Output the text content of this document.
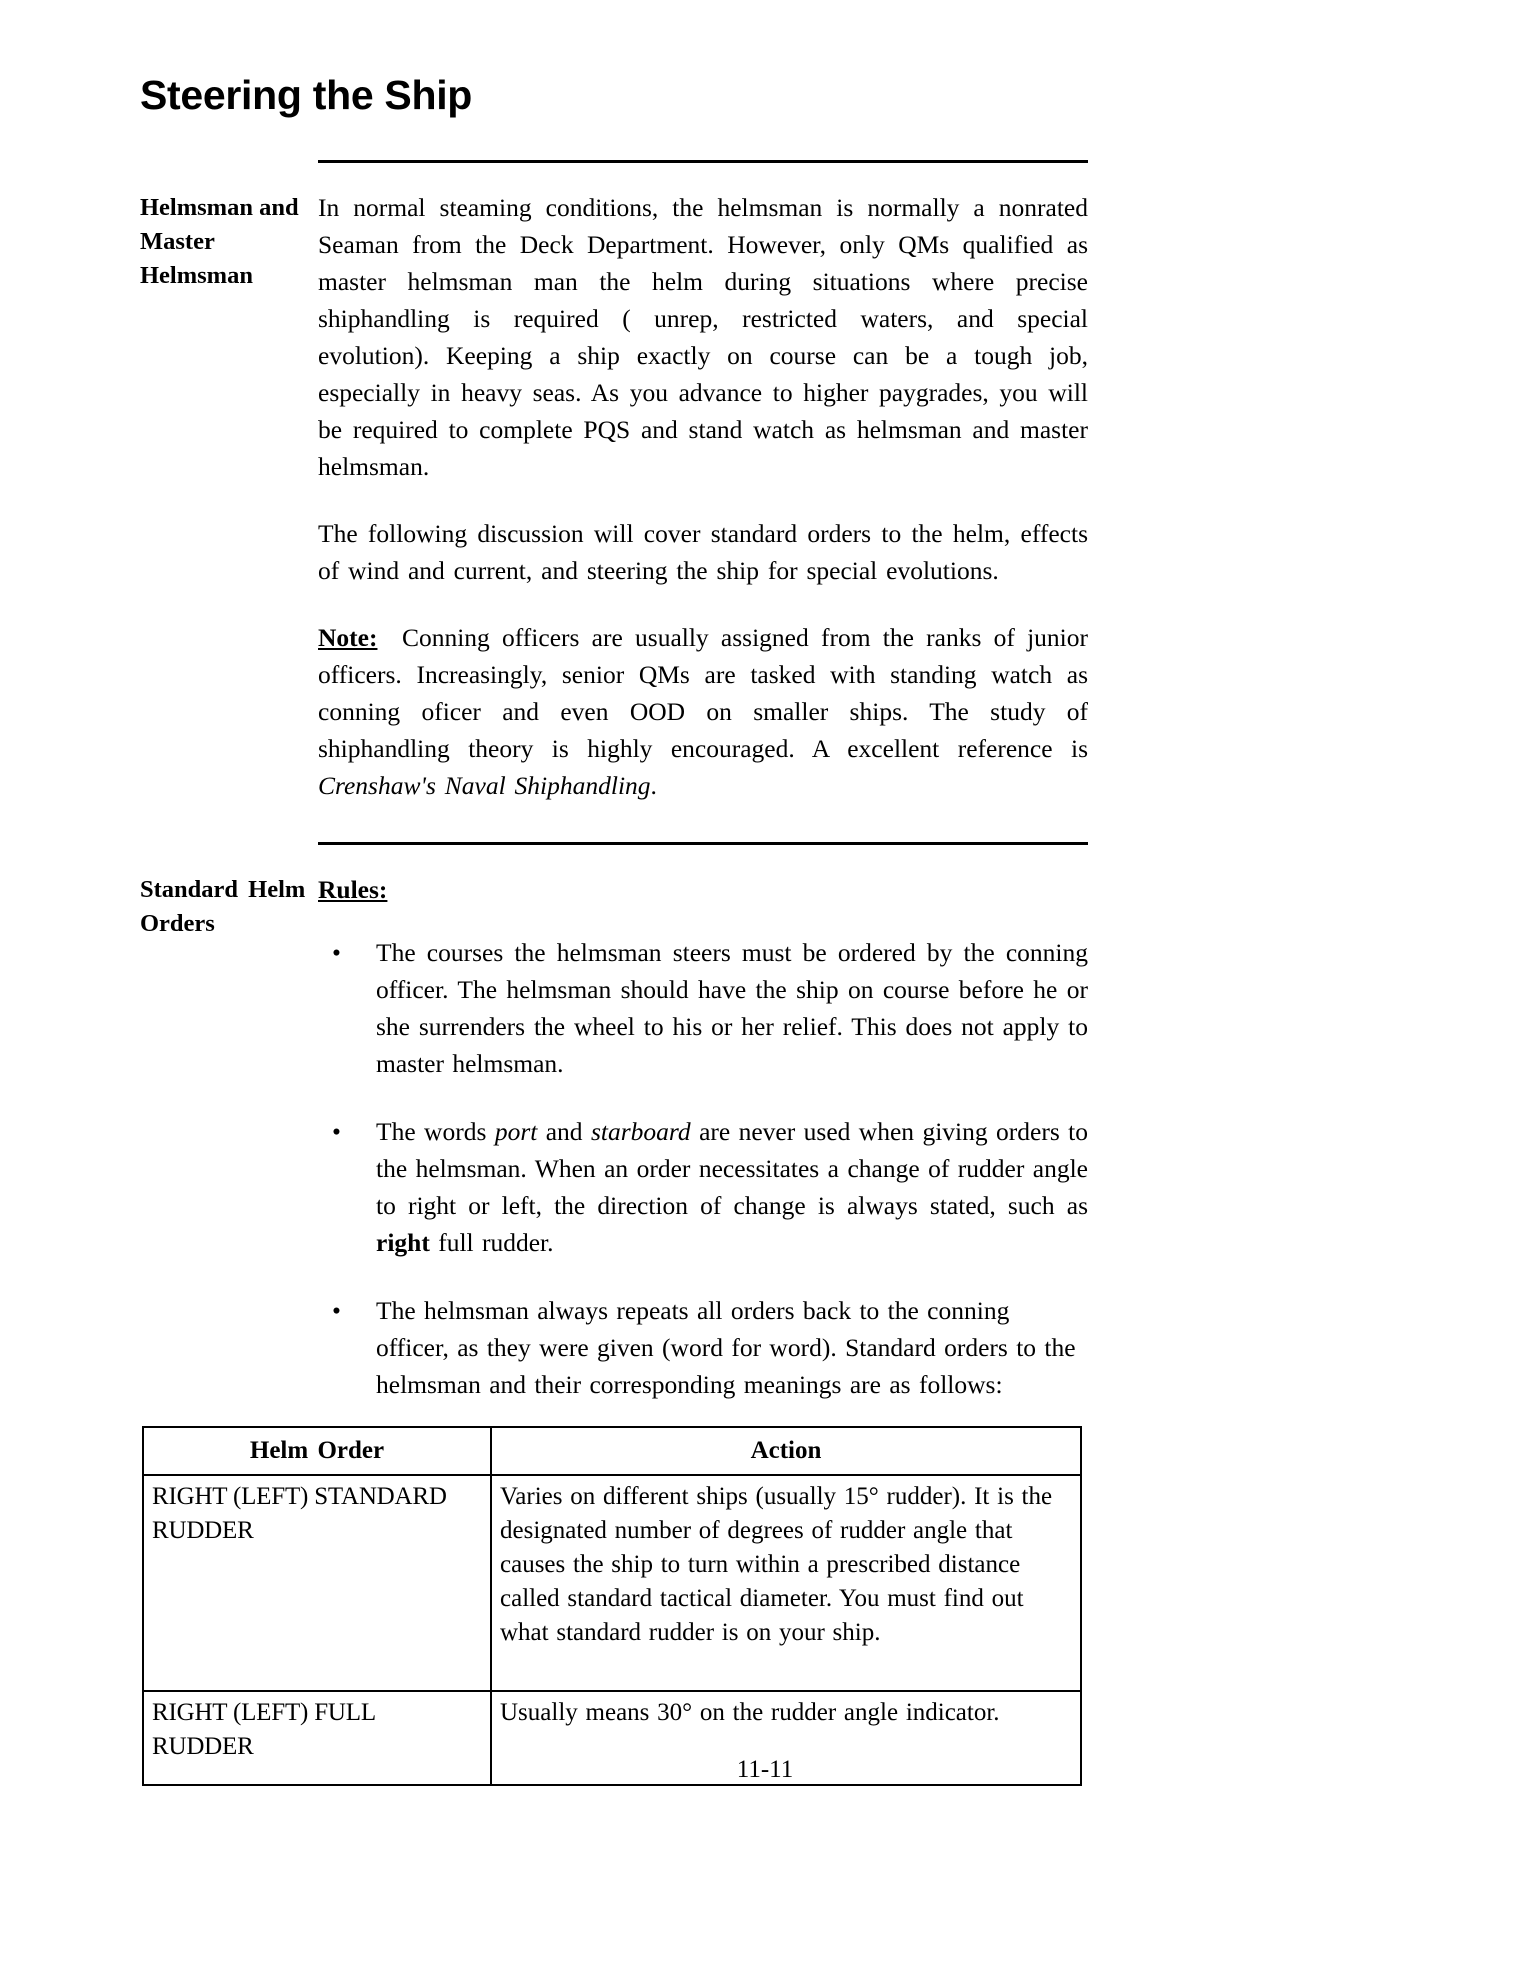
Steering the Ship
Helmsman and
Master
Helmsman

In normal steaming conditions, the helmsman is normally a nonrated Seaman from the Deck Department. However, only QMs qualified as master helmsman man the helm during situations where precise shiphandling is required ( unrep, restricted waters, and special evolution). Keeping a ship exactly on course can be a tough job, especially in heavy seas. As you advance to higher paygrades, you will be required to complete PQS and stand watch as helmsman and master helmsman.

The following discussion will cover standard orders to the helm, effects of wind and current, and steering the ship for special evolutions.

Note: Conning officers are usually assigned from the ranks of junior officers. Increasingly, senior QMs are tasked with standing watch as conning oficer and even OOD on smaller ships. The study of shiphandling theory is highly encouraged. A excellent reference is Crenshaw's Naval Shiphandling.

Standard Helm
Orders
Rules:
• The courses the helmsman steers must be ordered by the conning officer. The helmsman should have the ship on course before he or she surrenders the wheel to his or her relief. This does not apply to master helmsman.
• The words port and starboard are never used when giving orders to the helmsman. When an order necessitates a change of rudder angle to right or left, the direction of change is always stated, such as right full rudder.
• The helmsman always repeats all orders back to the conning officer, as they were given (word for word). Standard orders to the helmsman and their corresponding meanings are as follows:
Helm Order	Action
RIGHT (LEFT) STANDARD RUDDER	Varies on different ships (usually 15° rudder). It is the designated number of degrees of rudder angle that causes the ship to turn within a prescribed distance called standard tactical diameter. You must find out what standard rudder is on your ship.
RIGHT (LEFT) FULL RUDDER	Usually means 30° on the rudder angle indicator.
11-11
